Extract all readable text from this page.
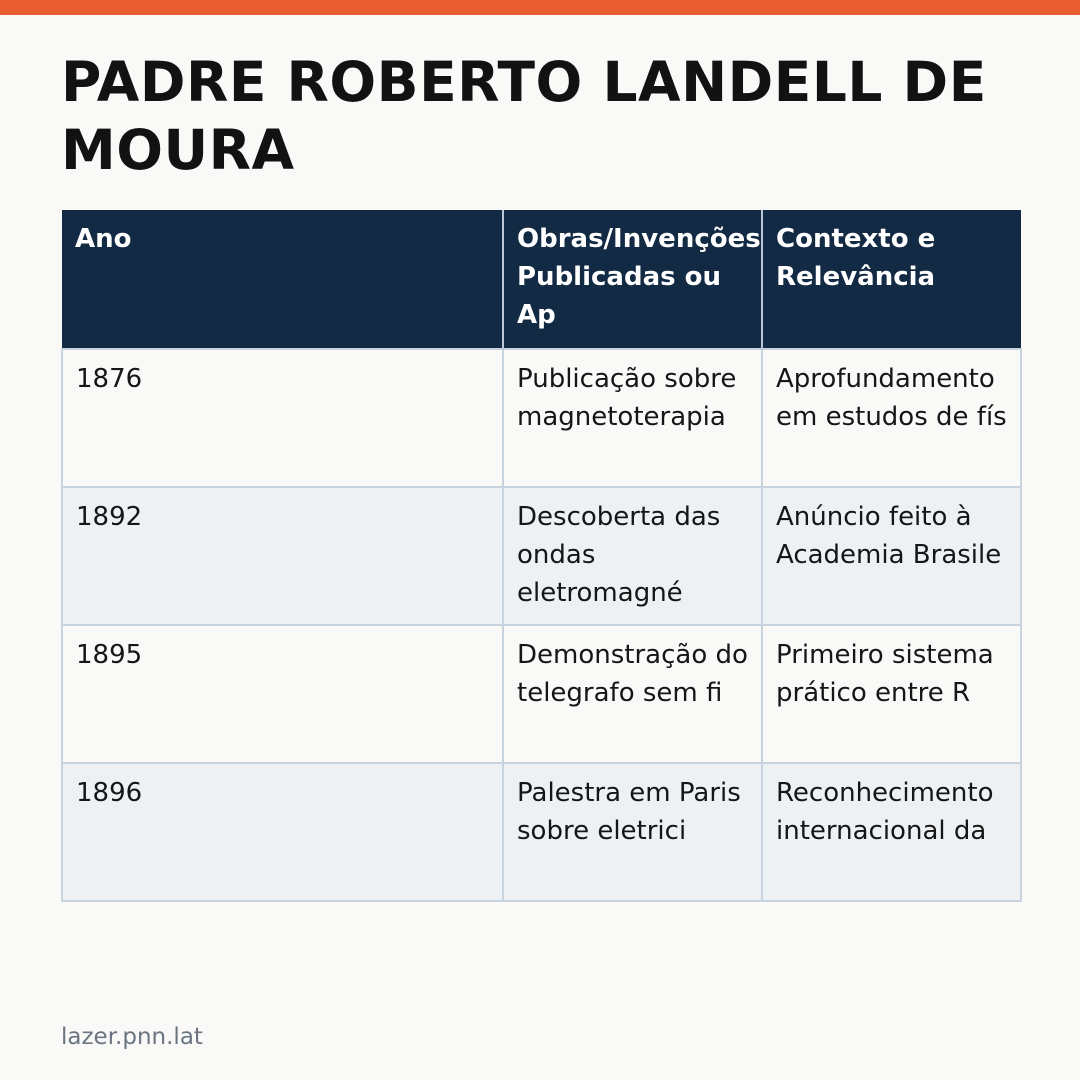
PADRE ROBERTO LANDELL DE MOURA
Ano	Obras/Invenções Publicadas ou Ap	Contexto e Relevância

1876	Publicação sobre magnetoterapia	Aprofundamento em estudos de fís

1892	Descoberta das ondas eletromagné	Anúncio feito à Academia Brasile

1895	Demonstração do telegrafo sem fi	Primeiro sistema prático entre R

1896	Palestra em Paris sobre eletrici	Reconhecimento internacional da
lazer.pnn.lat
